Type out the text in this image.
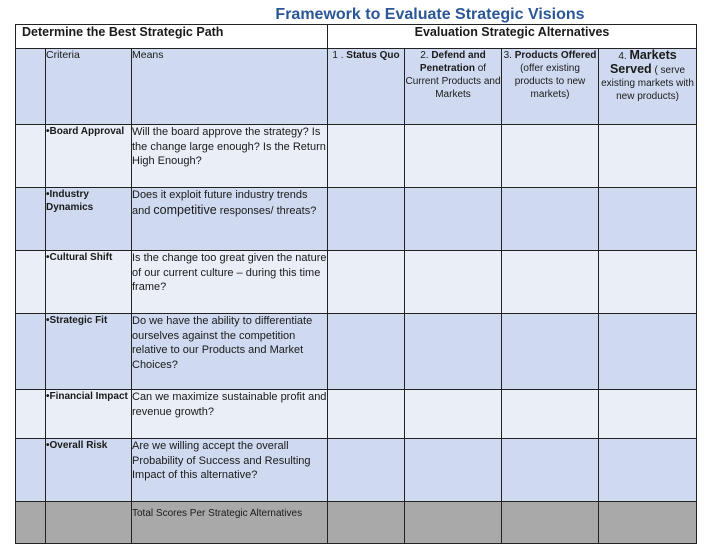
Framework to Evaluate Strategic Visions
Determine the Best Strategic Path			Evaluation Strategic Alternatives			
	Criteria	Means	1 . Status Quo	2. Defend and Penetration of Current Products and Markets	3. Products Offered (offer existing products to new markets)	4. Markets Served ( serve existing markets with new products)
	•Board Approval	Will the board approve the strategy? Is the change large enough? Is the Return High Enough?				
	•Industry Dynamics	Does it exploit future industry trends and competitive responses/ threats?				
	•Cultural Shift	Is the change too great given the nature of our current culture – during this time frame?				
	•Strategic Fit	Do we have the ability to differentiate ourselves against the competition relative to our Products and Market Choices?				
	•Financial Impact	Can we maximize sustainable profit and revenue growth?				
	•Overall Risk	Are we willing accept the overall Probability of Success and Resulting Impact of this alternative?				
		Total Scores Per Strategic Alternatives				
